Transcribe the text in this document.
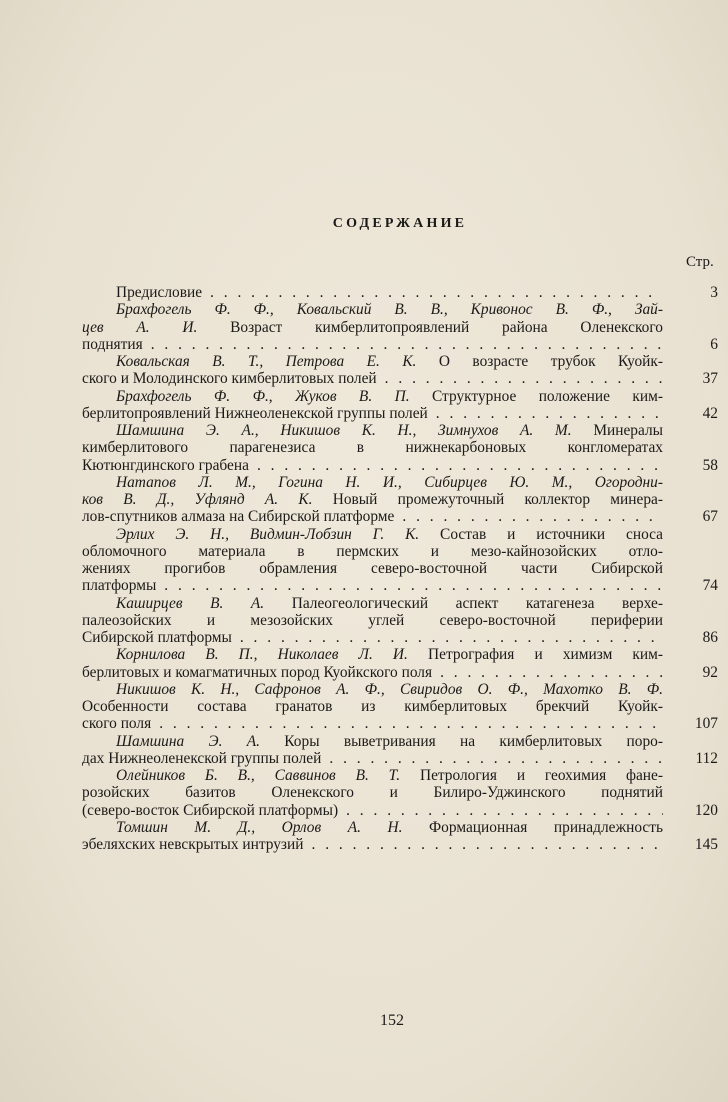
СОДЕРЖАНИЕ
Стр.
Предисловие . . .	3
Брахфогель Ф. Ф., Ковальский В. В., Кривонос В. Ф., Зай-
цев А. И. Возраст кимберлитопроявлений района Оленекского
поднятия . . .	6
Ковальская В. Т., Петрова Е. К. О возрасте трубок Куойк-
ского и Молодинского кимберлитовых полей . . .	37
Брахфогель Ф. Ф., Жуков В. П. Структурное положение ким-
берлитопроявлений Нижнеоленекской группы полей . . .	42
Шамшина Э. А., Никишов К. Н., Зимнухов А. М. Минералы
кимберлитового парагенезиса в нижнекарбоновых конгломератах
Кютюнгдинского грабена . . .	58
Натапов Л. М., Гогина Н. И., Сибирцев Ю. М., Огородни-
ков В. Д., Уфлянд А. К. Новый промежуточный коллектор минера-
лов-спутников алмаза на Сибирской платформе . . .	67
Эрлих Э. Н., Видмин-Лобзин Г. К. Состав и источники сноса
обломочного материала в пермских и мезо-кайнозойских отло-
жениях прогибов обрамления северо-восточной части Сибирской
платформы . . .	74
Каширцев В. А. Палеогеологический аспект катагенеза верхе-
палеозойских и мезозойских углей северо-восточной периферии
Сибирской платформы . . .	86
Корнилова В. П., Николаев Л. И. Петрография и химизм ким-
берлитовых и комагматичных пород Куойкского поля . . .	92
Никишов К. Н., Сафронов А. Ф., Свиридов О. Ф., Махотко В. Ф.
Особенности состава гранатов из кимберлитовых брекчий Куойк-
ского поля . . .	107
Шамшина Э. А. Коры выветривания на кимберлитовых поро-
дах Нижнеоленекской группы полей . . .	112
Олейников Б. В., Саввинов В. Т. Петрология и геохимия фане-
розойских базитов Оленекского и Билиро-Уджинского поднятий
(северо-восток Сибирской платформы) . . .	120
Томшин М. Д., Орлов А. Н. Формационная принадлежность
эбеляхских невскрытых интрузий . . .	145
152
